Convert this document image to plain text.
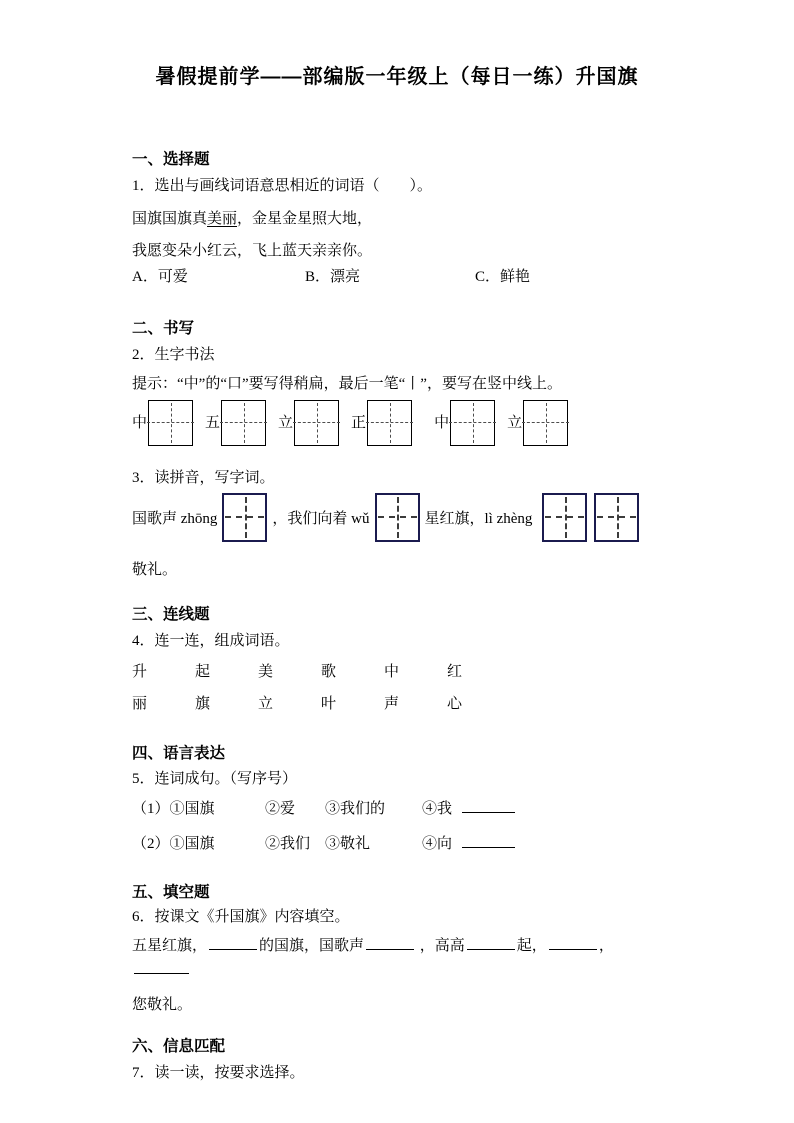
暑假提前学——部编版一年级上（每日一练）升国旗
一、选择题
1．选出与画线词语意思相近的词语（　　）。
国旗国旗真美丽，金星金星照大地，
我愿变朵小红云，飞上蓝天亲亲你。
A．可爱	B．漂亮	C．鲜艳
二、书写
2．生字书法
提示：“中”的“口”要写得稍扁，最后一笔“丨”，要写在竖中线上。
中	五	立	正	中	立
3．读拼音，写字词。
国歌声 zhōng	，我们向着 wǔ	星红旗，lì zhèng
敬礼。
三、连线题
4．连一连，组成词语。
升	起	美	歌	中	红
丽	旗	立	叶	声	心
四、语言表达
5．连词成句。（写序号）
（1）①国旗	②爱	③我们的	④我
（2）①国旗	②我们 ③敬礼	④向
五、填空题
6．按课文《升国旗》内容填空。
五星红旗，	的国旗，国歌声	，高高	起，	，
您敬礼。
六、信息匹配
7．读一读，按要求选择。
